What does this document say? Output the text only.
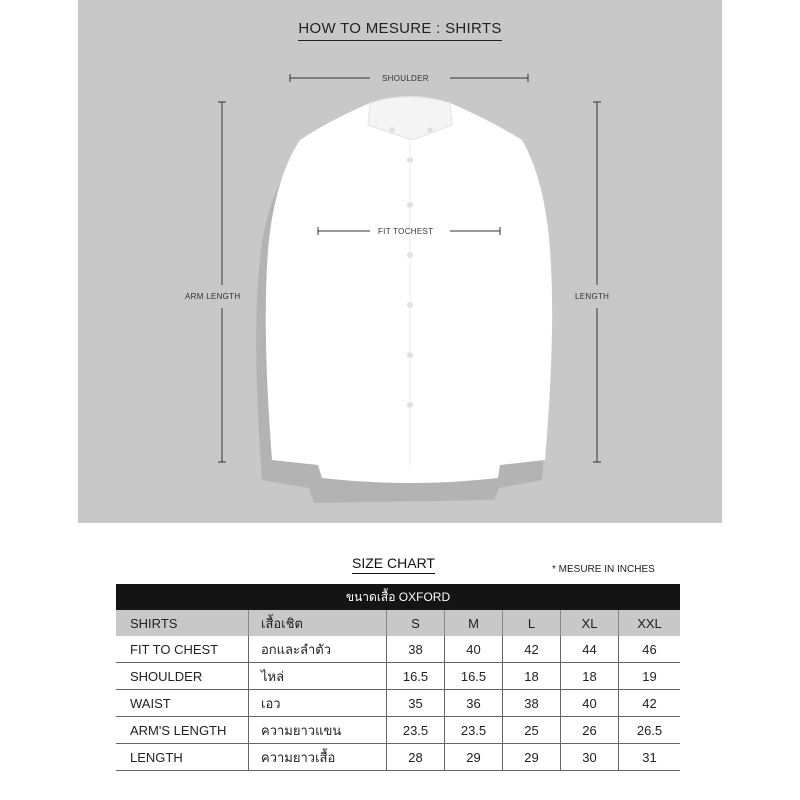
HOW TO MESURE : SHIRTS
SHOULDER
FIT TOCHEST
ARM LENGTH	LENGTH
SIZE CHART	* MESURE IN INCHES
ขนาดเสื้อ OXFORD						
SHIRTS	เสื้อเชิต	S	M	L	XL	XXL
FIT TO CHEST	อกและลำตัว	38	40	42	44	46
SHOULDER	ไหล่	16.5	16.5	18	18	19
WAIST	เอว	35	36	38	40	42
ARM'S LENGTH	ความยาวแขน	23.5	23.5	25	26	26.5
LENGTH	ความยาวเสื้อ	28	29	29	30	31
